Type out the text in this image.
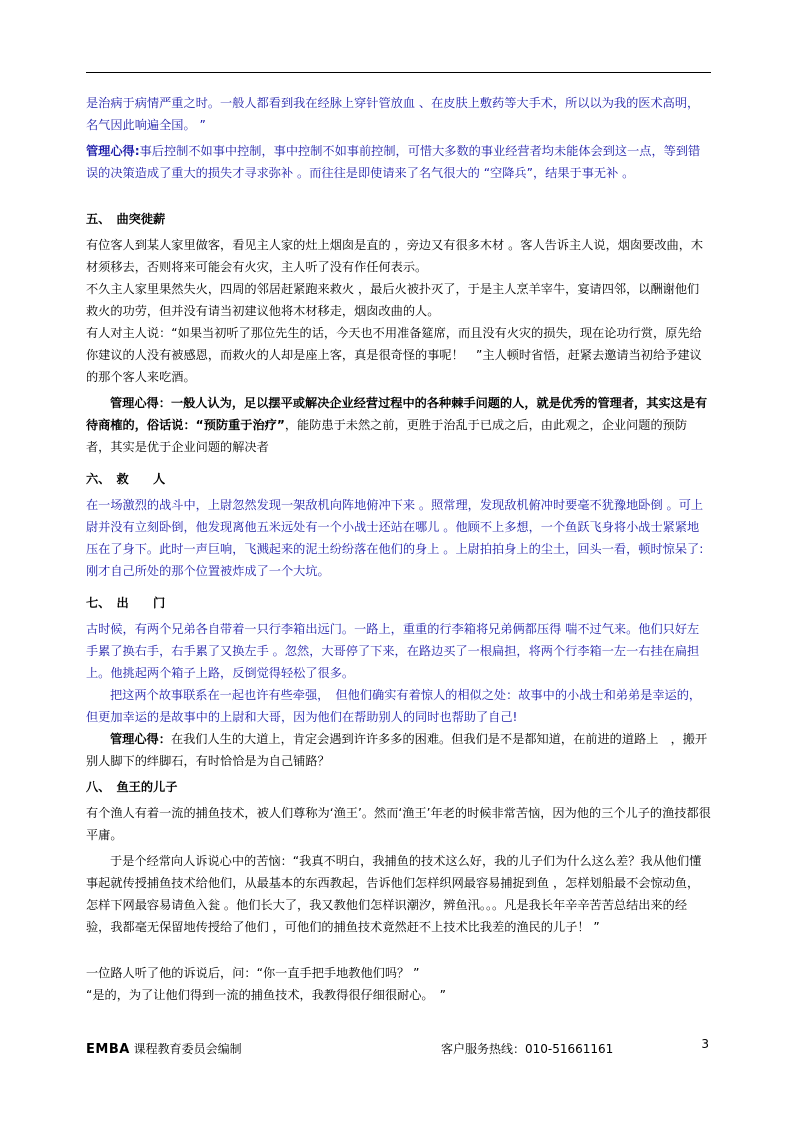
是治病于病情严重之时。一般人都看到我在经脉上穿针管放血 、在皮肤上敷药等大手术，所以以为我的医术高明，名气因此响遍全国。 ”

管理心得:事后控制不如事中控制，事中控制不如事前控制，可惜大多数的事业经营者均未能体会到这一点，等到错误的决策造成了重大的损失才寻求弥补 。而往往是即使请来了名气很大的 “空降兵”，结果于事无补 。

五、　曲突徙薪

有位客人到某人家里做客，看见主人家的灶上烟囱是直的 ，旁边又有很多木材 。客人告诉主人说，烟囱要改曲，木材须移去，否则将来可能会有火灾，主人听了没有作任何表示。

不久主人家里果然失火，四周的邻居赶紧跑来救火 ，最后火被扑灭了，于是主人烹羊宰牛，宴请四邻，以酬谢他们救火的功劳，但并没有请当初建议他将木材移走，烟囱改曲的人。

有人对主人说：“如果当初听了那位先生的话，今天也不用准备筵席，而且没有火灾的损失，现在论功行赏，原先给你建议的人没有被感恩，而救火的人却是座上客，真是很奇怪的事呢！　”主人顿时省悟，赶紧去邀请当初给予建议的那个客人来吃酒。

管理心得：一般人认为，足以摆平或解决企业经营过程中的各种棘手问题的人，就是优秀的管理者，其实这是有待商榷的，俗话说：“预防重于治疗”，能防患于未然之前，更胜于治乱于已成之后，由此观之，企业问题的预防者，其实是优于企业问题的解决者

六、　救　　人

在一场激烈的战斗中，上尉忽然发现一架敌机向阵地俯冲下来 。照常理，发现敌机俯冲时要毫不犹豫地卧倒 。可上尉并没有立刻卧倒，他发现离他五米远处有一个小战士还站在哪儿 。他顾不上多想，一个鱼跃飞身将小战士紧紧地压在了身下。此时一声巨响，飞溅起来的泥土纷纷落在他们的身上 。上尉拍拍身上的尘土，回头一看，顿时惊呆了: 刚才自己所处的那个位置被炸成了一个大坑。

七、　出　　门

古时候，有两个兄弟各自带着一只行李箱出远门。一路上，重重的行李箱将兄弟俩都压得 喘不过气来。他们只好左手累了换右手，右手累了又换左手 。忽然，大哥停了下来，在路边买了一根扁担，将两个行李箱一左一右挂在扁担上。他挑起两个箱子上路，反倒觉得轻松了很多。

把这两个故事联系在一起也许有些牵强，　但他们确实有着惊人的相似之处：故事中的小战士和弟弟是幸运的，但更加幸运的是故事中的上尉和大哥，因为他们在帮助别人的同时也帮助了自己!

管理心得：在我们人生的大道上，肯定会遇到许许多多的困难。但我们是不是都知道，在前进的道路上　，搬开别人脚下的绊脚石，有时恰恰是为自己铺路？

八、　鱼王的儿子

有个渔人有着一流的捕鱼技术，被人们尊称为‘渔王’。然而‘渔王’年老的时候非常苦恼，因为他的三个儿子的渔技都很平庸。

于是个经常向人诉说心中的苦恼：“我真不明白，我捕鱼的技术这么好，我的儿子们为什么这么差？我从他们懂事起就传授捕鱼技术给他们，从最基本的东西教起，告诉他们怎样织网最容易捕捉到鱼 ，怎样划船最不会惊动鱼，怎样下网最容易请鱼入瓮 。他们长大了，我又教他们怎样识潮汐，辨鱼汛。。。凡是我长年辛辛苦苦总结出来的经验，我都毫无保留地传授给了他们 ，可他们的捕鱼技术竟然赶不上技术比我差的渔民的儿子！ ”

一位路人听了他的诉说后，问：“你一直手把手地教他们吗？ ”

“是的，为了让他们得到一流的捕鱼技术，我教得很仔细很耐心。　”

EMBA 课程教育委员会编制	客户服务热线：010-51661161	3
